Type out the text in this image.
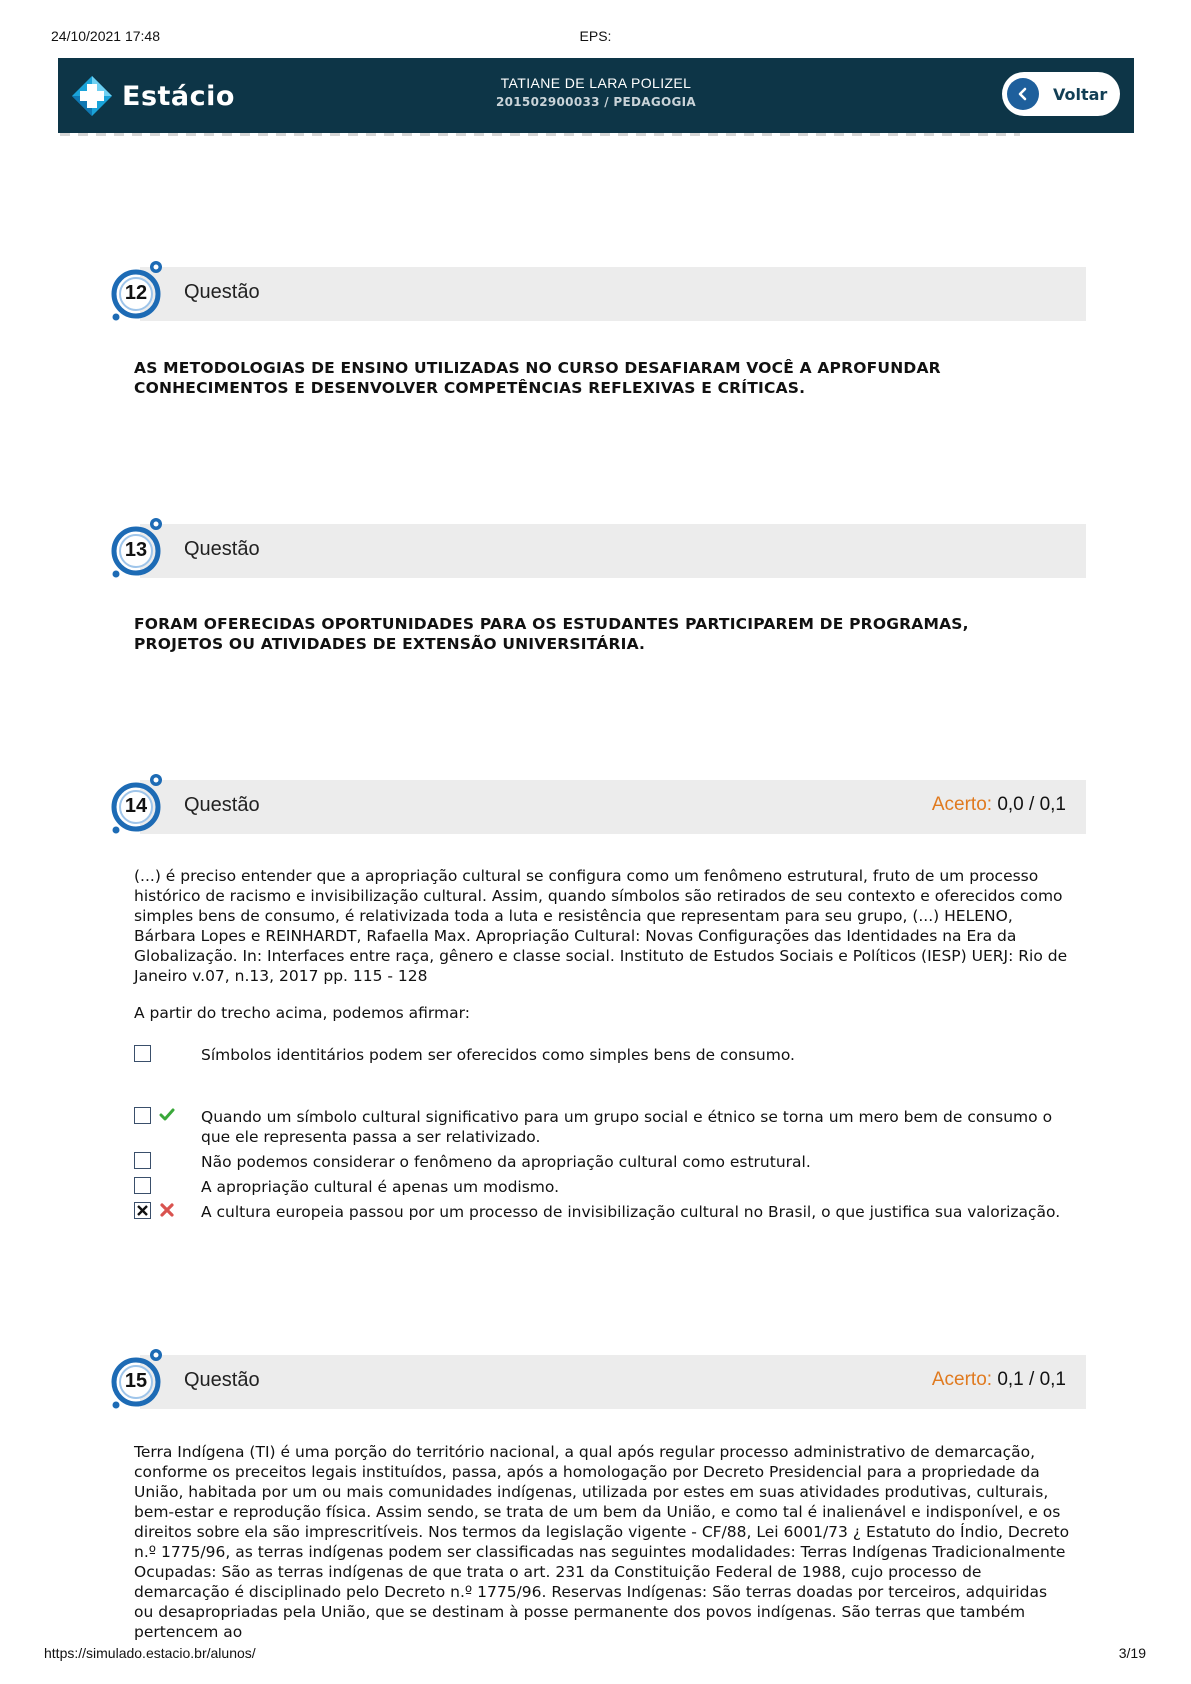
24/10/2021 17:48	EPS:
Estácio	TATIANE DE LARA POLIZEL
201502900033 / PEDAGOGIA	Voltar
12 Questão
AS METODOLOGIAS DE ENSINO UTILIZADAS NO CURSO DESAFIARAM VOCÊ A APROFUNDAR CONHECIMENTOS E DESENVOLVER COMPETÊNCIAS REFLEXIVAS E CRÍTICAS.
13 Questão
FORAM OFERECIDAS OPORTUNIDADES PARA OS ESTUDANTES PARTICIPAREM DE PROGRAMAS, PROJETOS OU ATIVIDADES DE EXTENSÃO UNIVERSITÁRIA.
14 Questão	Acerto: 0,0 / 0,1
(...) é preciso entender que a apropriação cultural se configura como um fenômeno estrutural, fruto de um processo histórico de racismo e invisibilização cultural. Assim, quando símbolos são retirados de seu contexto e oferecidos como simples bens de consumo, é relativizada toda a luta e resistência que representam para seu grupo, (...) HELENO, Bárbara Lopes e REINHARDT, Rafaella Max. Apropriação Cultural: Novas Configurações das Identidades na Era da Globalização. In: Interfaces entre raça, gênero e classe social. Instituto de Estudos Sociais e Políticos (IESP) UERJ: Rio de Janeiro v.07, n.13, 2017 pp. 115 - 128
A partir do trecho acima, podemos afirmar:
Símbolos identitários podem ser oferecidos como simples bens de consumo.
Quando um símbolo cultural significativo para um grupo social e étnico se torna um mero bem de consumo o que ele representa passa a ser relativizado.
Não podemos considerar o fenômeno da apropriação cultural como estrutural.
A apropriação cultural é apenas um modismo.
A cultura europeia passou por um processo de invisibilização cultural no Brasil, o que justifica sua valorização.
15 Questão	Acerto: 0,1 / 0,1
Terra Indígena (TI) é uma porção do território nacional, a qual após regular processo administrativo de demarcação, conforme os preceitos legais instituídos, passa, após a homologação por Decreto Presidencial para a propriedade da União, habitada por um ou mais comunidades indígenas, utilizada por estes em suas atividades produtivas, culturais, bem-estar e reprodução física. Assim sendo, se trata de um bem da União, e como tal é inalienável e indisponível, e os direitos sobre ela são imprescritíveis. Nos termos da legislação vigente - CF/88, Lei 6001/73 ¿ Estatuto do Índio, Decreto n.º 1775/96, as terras indígenas podem ser classificadas nas seguintes modalidades: Terras Indígenas Tradicionalmente Ocupadas: São as terras indígenas de que trata o art. 231 da Constituição Federal de 1988, cujo processo de demarcação é disciplinado pelo Decreto n.º 1775/96. Reservas Indígenas: São terras doadas por terceiros, adquiridas ou desapropriadas pela União, que se destinam à posse permanente dos povos indígenas. São terras que também pertencem ao
https://simulado.estacio.br/alunos/	3/19
